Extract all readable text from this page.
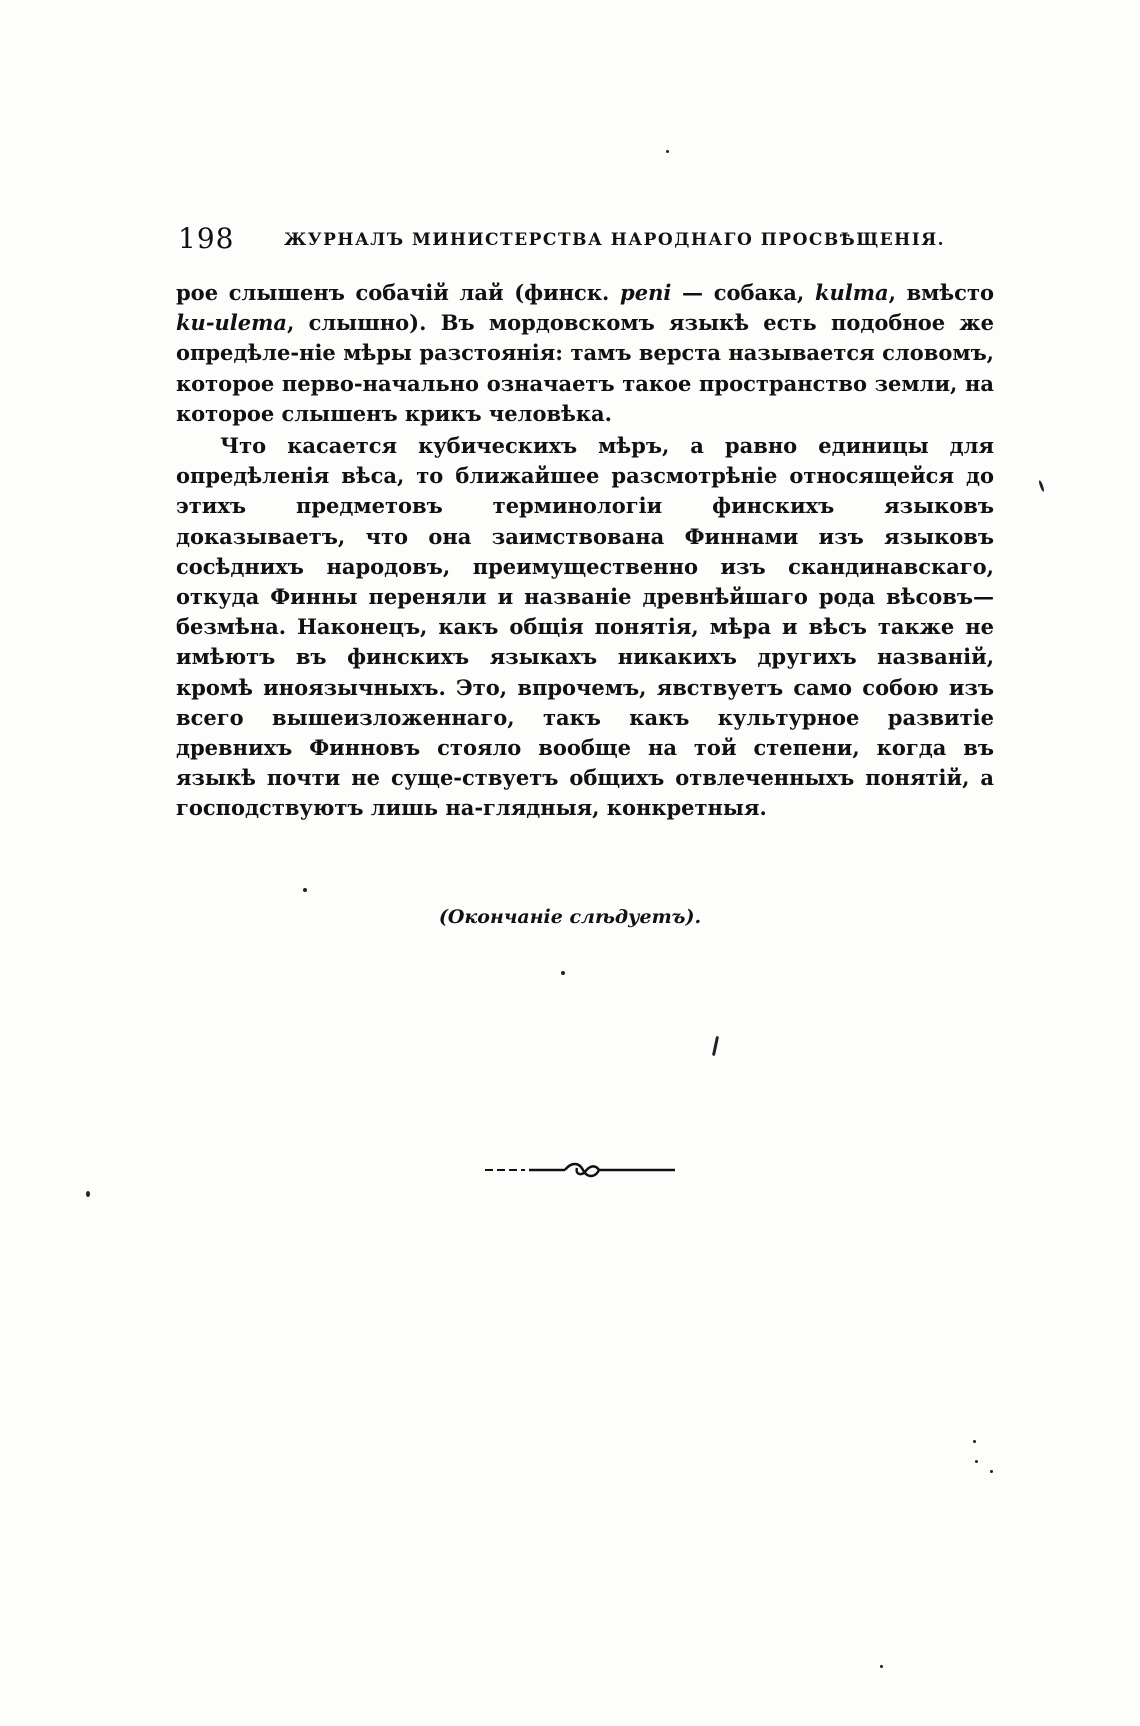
198	ЖУРНАЛЪ МИНИСТЕРСТВА НАРОДНАГО ПРОСВѢЩЕНІЯ.

рое слышенъ собачій лай (финск. peni — собака, kulma, вмѣсто ku-ulema, слышно). Въ мордовскомъ языкѣ есть подобное же опредѣле-ніе мѣры разстоянія: тамъ верста называется словомъ, которое перво-начально означаетъ такое пространство земли, на которое слышенъ крикъ человѣка.

Что касается кубическихъ мѣръ, а равно единицы для опредѣленія вѣса, то ближайшее разсмотрѣніе относящейся до этихъ предметовъ терминологіи финскихъ языковъ доказываетъ, что она заимствована Финнами изъ языковъ сосѣднихъ народовъ, преимущественно изъ скандинавскаго, откуда Финны переняли и названіе древнѣйшаго рода вѣсовъ—безмѣна. Наконецъ, какъ общія понятія, мѣра и вѣсъ также не имѣютъ въ финскихъ языкахъ никакихъ другихъ названій, кромѣ иноязычныхъ. Это, впрочемъ, явствуетъ само собою изъ всего вышеизложеннаго, такъ какъ культурное развитіе древнихъ Финновъ стояло вообще на той степени, когда въ языкѣ почти не суще-ствуетъ общихъ отвлеченныхъ понятій, а господствуютъ лишь на-глядныя, конкретныя.

(Окончаніе слѣдуетъ).
